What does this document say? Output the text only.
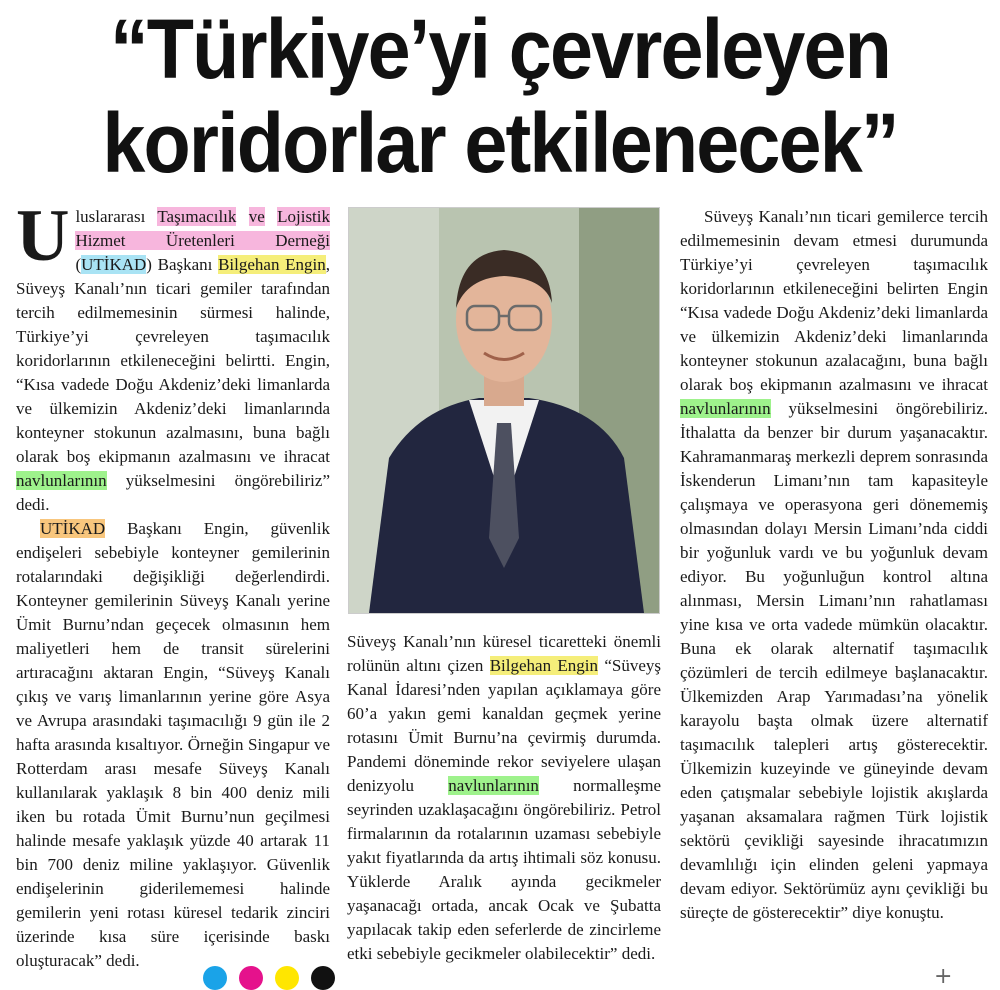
“Türkiye’yi çevreleyen
koridorlar etkilenecek”

U luslararası Taşımacılık ve Lojistik Hizmet Üretenleri Derneği (UTİKAD) Başkanı Bilgehan Engin, Süveyş Kanalı’nın ticari gemiler tarafından tercih edilmemesinin sürmesi halinde, Türkiye’yi çevreleyen taşımacılık koridorlarının etkileneceğini belirtti. Engin, “Kısa vadede Doğu Akdeniz’deki limanlarda ve ülkemizin Akdeniz’deki limanlarında konteyner stokunun azalmasını, buna bağlı olarak boş ekipmanın azalmasını ve ihracat navlunlarının yükselmesini öngörebiliriz” dedi.

UTİKAD Başkanı Engin, güvenlik endişeleri sebebiyle konteyner gemilerinin rotalarındaki değişikliği değerlendirdi. Konteyner gemilerinin Süveyş Kanalı yerine Ümit Burnu’ndan geçecek olmasının hem maliyetleri hem de transit sürelerini artıracağını aktaran Engin, “Süveyş Kanalı çıkış ve varış limanlarının yerine göre Asya ve Avrupa arasındaki taşımacılığı 9 gün ile 2 hafta arasında kısaltıyor. Örneğin Singapur ve Rotterdam arası mesafe Süveyş Kanalı kullanılarak yaklaşık 8 bin 400 deniz mili iken bu rotada Ümit Burnu’nun geçilmesi halinde mesafe yaklaşık yüzde 40 artarak 11 bin 700 deniz miline yaklaşıyor. Güvenlik endişelerinin giderilememesi halinde gemilerin yeni rotası küresel tedarik zinciri üzerinde kısa süre içerisinde baskı oluşturacak” dedi.

Süveyş Kanalı’nın küresel ticaretteki önemli rolünün altını çizen Bilgehan Engin “Süveyş Kanal İdaresi’nden yapılan açıklamaya göre 60’a yakın gemi kanaldan geçmek yerine rotasını Ümit Burnu’na çevirmiş durumda. Pandemi döneminde rekor seviyelere ulaşan denizyolu navlunlarının normalleşme seyrinden uzaklaşacağını öngörebiliriz. Petrol firmalarının da rotalarının uzaması sebebiyle yakıt fiyatlarında da artış ihtimali söz konusu. Yüklerde Aralık ayında gecikmeler yaşanacağı ortada, ancak Ocak ve Şubatta yapılacak takip eden seferlerde de zincirleme etki sebebiyle gecikmeler olabilecektir” dedi.

Süveyş Kanalı’nın ticari gemilerce tercih edilmemesinin devam etmesi durumunda Türkiye’yi çevreleyen taşımacılık koridorlarının etkileneceğini belirten Engin “Kısa vadede Doğu Akdeniz’deki limanlarda ve ülkemizin Akdeniz’deki limanlarında konteyner stokunun azalacağını, buna bağlı olarak boş ekipmanın azalmasını ve ihracat navlunlarının yükselmesini öngörebiliriz. İthalatta da benzer bir durum yaşanacaktır. Kahramanmaraş merkezli deprem sonrasında İskenderun Limanı’nın tam kapasiteyle çalışmaya ve operasyona geri dönememiş olmasından dolayı Mersin Limanı’nda ciddi bir yoğunluk vardı ve bu yoğunluk devam ediyor. Bu yoğunluğun kontrol altına alınması, Mersin Limanı’nın rahatlaması yine kısa ve orta vadede mümkün olacaktır. Buna ek olarak alternatif taşımacılık çözümleri de tercih edilmeye başlanacaktır. Ülkemizden Arap Yarımadası’na yönelik karayolu başta olmak üzere alternatif taşımacılık talepleri artış gösterecektir. Ülkemizin kuzeyinde ve güneyinde devam eden çatışmalar sebebiyle lojistik akışlarda yaşanan aksamalara rağmen Türk lojistik sektörü çevikliği sayesinde ihracatımızın devamlılığı için elinden geleni yapmaya devam ediyor. Sektörümüz aynı çevikliği bu süreçte de gösterecektir” diye konuştu.

+
